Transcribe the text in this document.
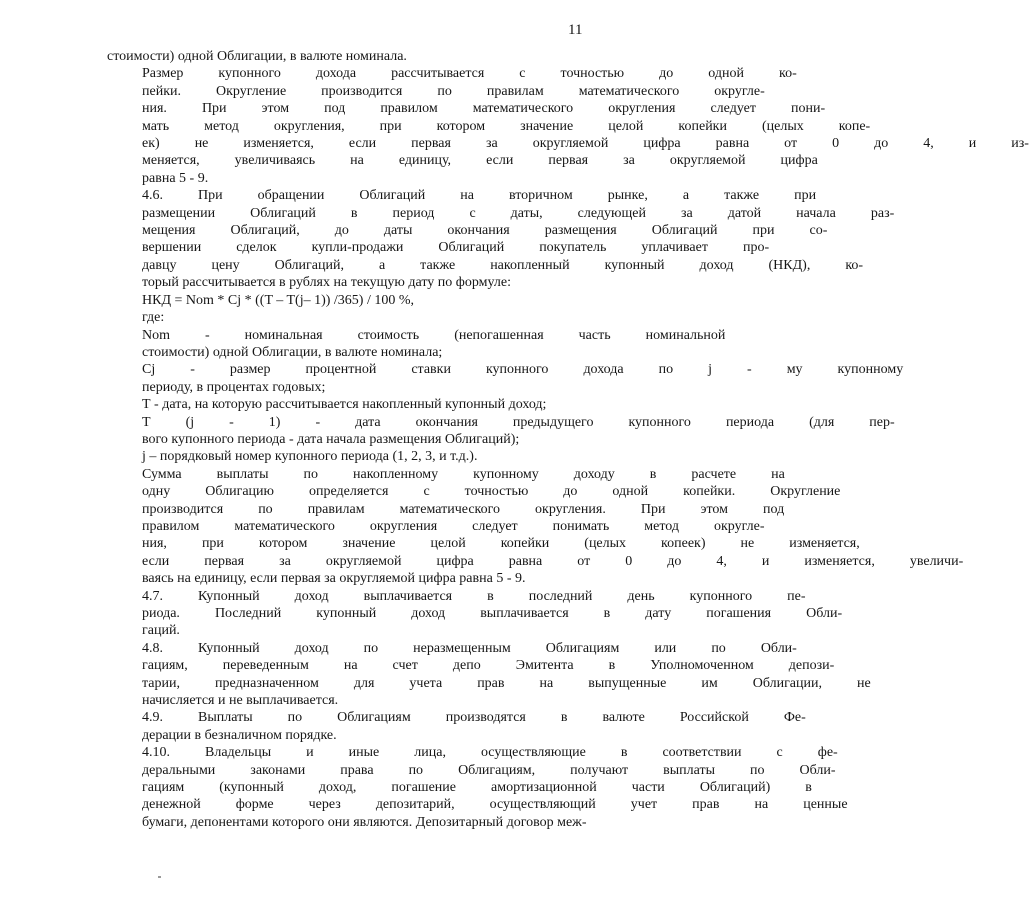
11

стоимости) одной Облигации, в валюте номинала.

Размер	купонного	дохода	рассчитывается	с	точностью	до	одной	ко-
пейки.	Округление	производится	по	правилам	математического	округле-
ния.	При	этом	под	правилом	математического	округления	следует	пони-
мать	метод	округления,	при	котором	значение	целой	копейки	(целых	копе-
ек)	не	изменяется,	если	первая	за	округляемой	цифра	равна	от	0	до	4,	и	из-
меняется,	увеличиваясь	на	единицу,	если	первая	за	округляемой	цифра
равна 5 - 9.

4.6.	При	обращении	Облигаций	на	вторичном	рынке,	а	также	при
размещении	Облигаций	в	период	с	даты,	следующей	за	датой	начала	раз-
мещения	Облигаций,	до	даты	окончания	размещения	Облигаций	при	со-
вершении	сделок	купли-продажи	Облигаций	покупатель	уплачивает	про-
давцу	цену	Облигаций,	а	также	накопленный	купонный	доход	(НКД),	ко-
торый рассчитывается в рублях на текущую дату по формуле:

НКД = Nom * Cj * ((T – T(j– 1)) /365) / 100 %,

где:

Nom	-	номинальная	стоимость	(непогашенная	часть	номинальной
стоимости) одной Облигации, в валюте номинала;

Cj	-	размер	процентной	ставки	купонного	дохода	по	j	-	му	купонному
периоду, в процентах годовых;

Т - дата, на которую рассчитывается накопленный купонный доход;

Т	(j	-	1)	-	дата	окончания	предыдущего	купонного	периода	(для	пер-
вого купонного периода - дата начала размещения Облигаций);

j – порядковый номер купонного периода (1, 2, 3, и т.д.).

Сумма	выплаты	по	накопленному	купонному	доходу	в	расчете	на
одну	Облигацию	определяется	с	точностью	до	одной	копейки.	Округление
производится	по	правилам	математического	округления.	При	этом	под
правилом	математического	округления	следует	понимать	метод	округле-
ния,	при	котором	значение	целой	копейки	(целых	копеек)	не	изменяется,
если	первая	за	округляемой	цифра	равна	от	0	до	4,	и	изменяется,	увеличи-
ваясь на единицу, если первая за округляемой цифра равна 5 - 9.

4.7.	Купонный	доход	выплачивается	в	последний	день	купонного	пе-
риода.	Последний	купонный	доход	выплачивается	в	дату	погашения	Обли-
гаций.

4.8.	Купонный	доход	по	неразмещенным	Облигациям	или	по	Обли-
гациям,	переведенным	на	счет	депо	Эмитента	в	Уполномоченном	депози-
тарии,	предназначенном	для	учета	прав	на	выпущенные	им	Облигации,	не
начисляется и не выплачивается.

4.9.	Выплаты	по	Облигациям	производятся	в	валюте	Российской	Фе-
дерации в безналичном порядке.

4.10.	Владельцы	и	иные	лица,	осуществляющие	в	соответствии	с	фе-
деральными	законами	права	по	Облигациям,	получают	выплаты	по	Обли-
гациям	(купонный	доход,	погашение	амортизационной	части	Облигаций)	в
денежной	форме	через	депозитарий,	осуществляющий	учет	прав	на	ценные
бумаги, депонентами которого они являются. Депозитарный договор меж-
